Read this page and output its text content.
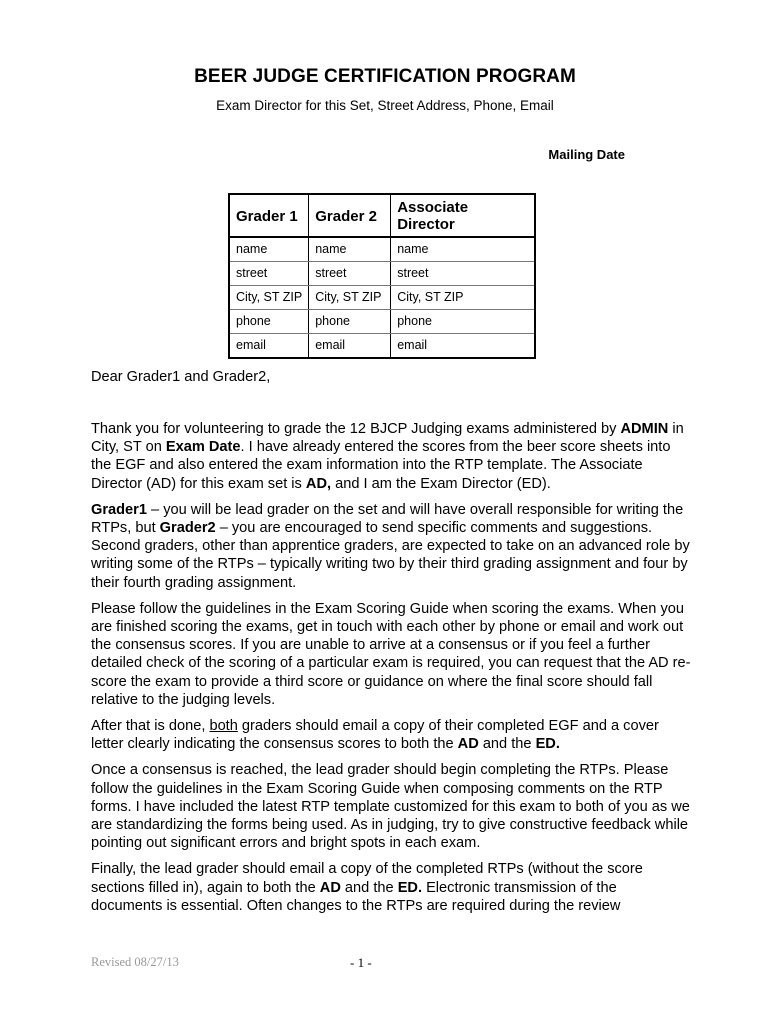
BEER JUDGE CERTIFICATION PROGRAM
Exam Director for this Set, Street Address, Phone, Email
Mailing Date
Grader 1	Grader 2	Associate Director
name	name	name
street	street	street
City, ST ZIP	City, ST ZIP	City, ST ZIP
phone	phone	phone
email	email	email
Dear Grader1 and Grader2,

Thank you for volunteering to grade the 12 BJCP Judging exams administered by ADMIN in City, ST on Exam Date. I have already entered the scores from the beer score sheets into the EGF and also entered the exam information into the RTP template. The Associate Director (AD) for this exam set is AD, and I am the Exam Director (ED).

Grader1 – you will be lead grader on the set and will have overall responsible for writing the RTPs, but Grader2 – you are encouraged to send specific comments and suggestions. Second graders, other than apprentice graders, are expected to take on an advanced role by writing some of the RTPs – typically writing two by their third grading assignment and four by their fourth grading assignment.

Please follow the guidelines in the Exam Scoring Guide when scoring the exams. When you are finished scoring the exams, get in touch with each other by phone or email and work out the consensus scores. If you are unable to arrive at a consensus or if you feel a further detailed check of the scoring of a particular exam is required, you can request that the AD re-score the exam to provide a third score or guidance on where the final score should fall relative to the judging levels.

After that is done, both graders should email a copy of their completed EGF and a cover letter clearly indicating the consensus scores to both the AD and the ED.

Once a consensus is reached, the lead grader should begin completing the RTPs. Please follow the guidelines in the Exam Scoring Guide when composing comments on the RTP forms. I have included the latest RTP template customized for this exam to both of you as we are standardizing the forms being used. As in judging, try to give constructive feedback while pointing out significant errors and bright spots in each exam.

Finally, the lead grader should email a copy of the completed RTPs (without the score sections filled in), again to both the AD and the ED. Electronic transmission of the documents is essential. Often changes to the RTPs are required during the review

Revised 08/27/13	- 1 -
